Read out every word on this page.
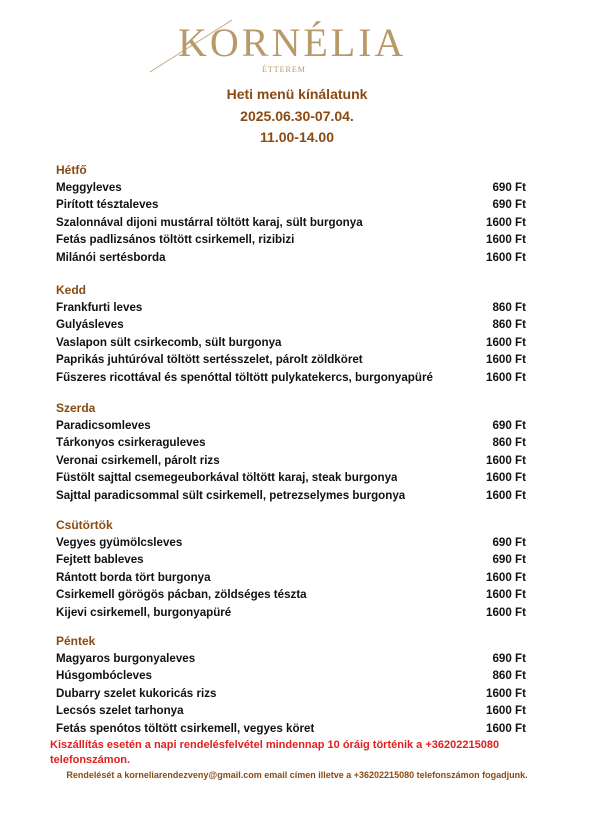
KORNÉLIA
ÉTTEREM
Heti menü kínálatunk
2025.06.30-07.04.
11.00-14.00
Hétfő
Meggyleves	690 Ft
Pirított tésztaleves	690 Ft
Szalonnával dijoni mustárral töltött karaj, sült burgonya	1600 Ft
Fetás padlizsános töltött csirkemell, rizibizi	1600 Ft
Milánói sertésborda	1600 Ft
Kedd
Frankfurti leves	860 Ft
Gulyásleves	860 Ft
Vaslapon sült csirkecomb, sült burgonya	1600 Ft
Paprikás juhtúróval töltött sertésszelet, párolt zöldköret	1600 Ft
Fűszeres ricottával és spenóttal töltött pulykatekercs, burgonyapüré	1600 Ft
Szerda
Paradicsomleves	690 Ft
Tárkonyos csirkeraguleves	860 Ft
Veronai csirkemell, párolt rizs	1600 Ft
Füstölt sajttal csemegeuborkával töltött karaj, steak burgonya	1600 Ft
Sajttal paradicsommal sült csirkemell, petrezselymes burgonya	1600 Ft
Csütörtök
Vegyes gyümölcsleves	690 Ft
Fejtett bableves	690 Ft
Rántott borda tört burgonya	1600 Ft
Csirkemell görögös pácban, zöldséges tészta	1600 Ft
Kijevi csirkemell, burgonyapüré	1600 Ft
Péntek
Magyaros burgonyaleves	690 Ft
Húsgombócleves	860 Ft
Dubarry szelet kukoricás rizs	1600 Ft
Lecsós szelet tarhonya	1600 Ft
Fetás spenótos töltött csirkemell, vegyes köret	1600 Ft
Kiszállítás esetén a napi rendelésfelvétel mindennap 10 óráig történik a +36202215080 telefonszámon.
Rendelését a korneliarendezveny@gmail.com email címen illetve a +36202215080 telefonszámon fogadjunk.
